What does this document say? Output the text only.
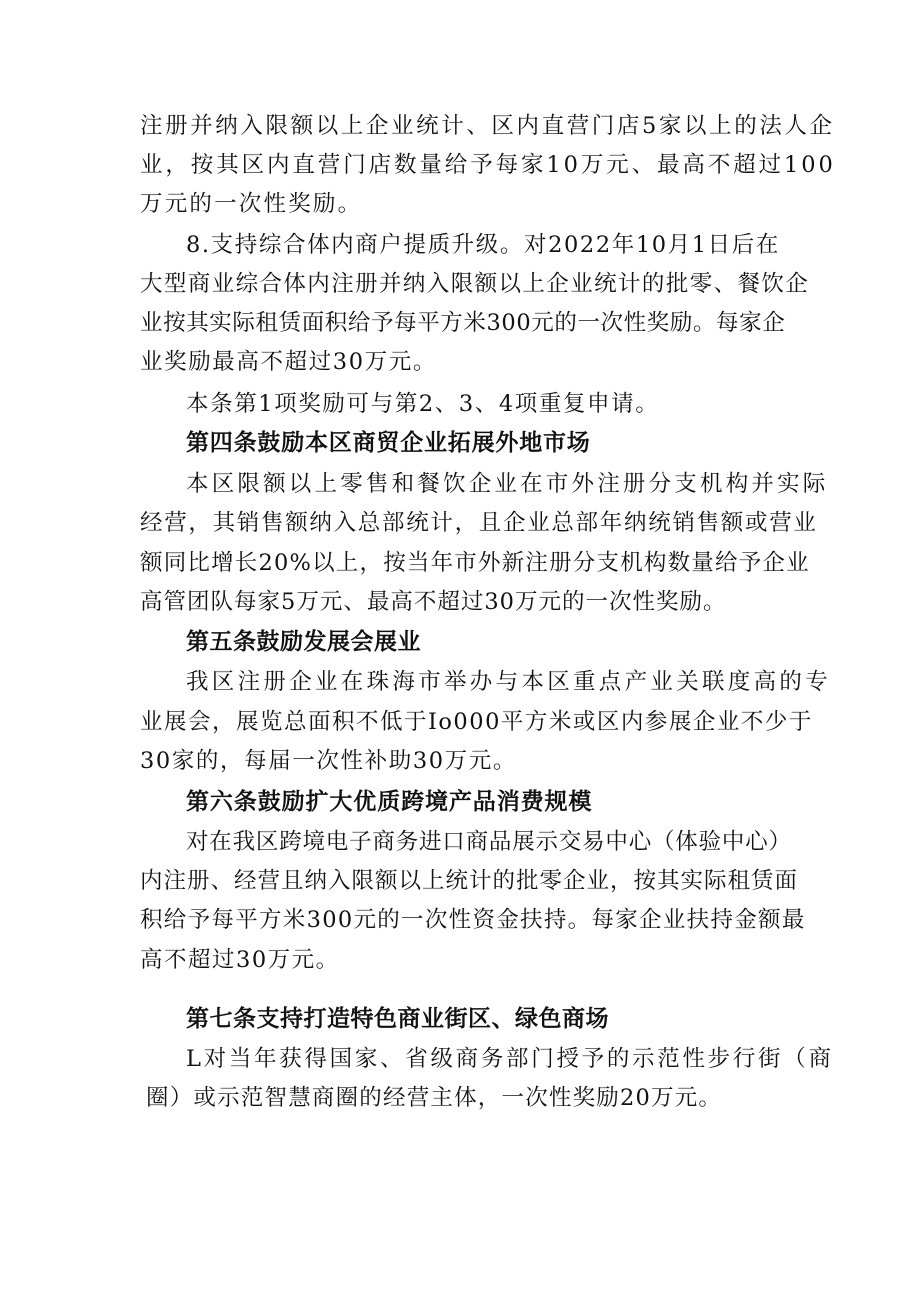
注册并纳入限额以上企业统计、区内直营门店5家以上的法人企

业，按其区内直营门店数量给予每家10万元、最高不超过100

万元的一次性奖励。

8.支持综合体内商户提质升级。对2022年10月1日后在

大型商业综合体内注册并纳入限额以上企业统计的批零、餐饮企

业按其实际租赁面积给予每平方米300元的一次性奖励。每家企

业奖励最高不超过30万元。

本条第1项奖励可与第2、3、4项重复申请。

第四条鼓励本区商贸企业拓展外地市场

本区限额以上零售和餐饮企业在市外注册分支机构并实际

经营，其销售额纳入总部统计，且企业总部年纳统销售额或营业

额同比增长20%以上，按当年市外新注册分支机构数量给予企业

高管团队每家5万元、最高不超过30万元的一次性奖励。

第五条鼓励发展会展业

我区注册企业在珠海市举办与本区重点产业关联度高的专

业展会，展览总面积不低于Io000平方米或区内参展企业不少于

30家的，每届一次性补助30万元。

第六条鼓励扩大优质跨境产品消费规模

对在我区跨境电子商务进口商品展示交易中心（体验中心）

内注册、经营且纳入限额以上统计的批零企业，按其实际租赁面

积给予每平方米300元的一次性资金扶持。每家企业扶持金额最

高不超过30万元。

第七条支持打造特色商业街区、绿色商场

L对当年获得国家、省级商务部门授予的示范性步行街（商

圈）或示范智慧商圈的经营主体，一次性奖励20万元。
